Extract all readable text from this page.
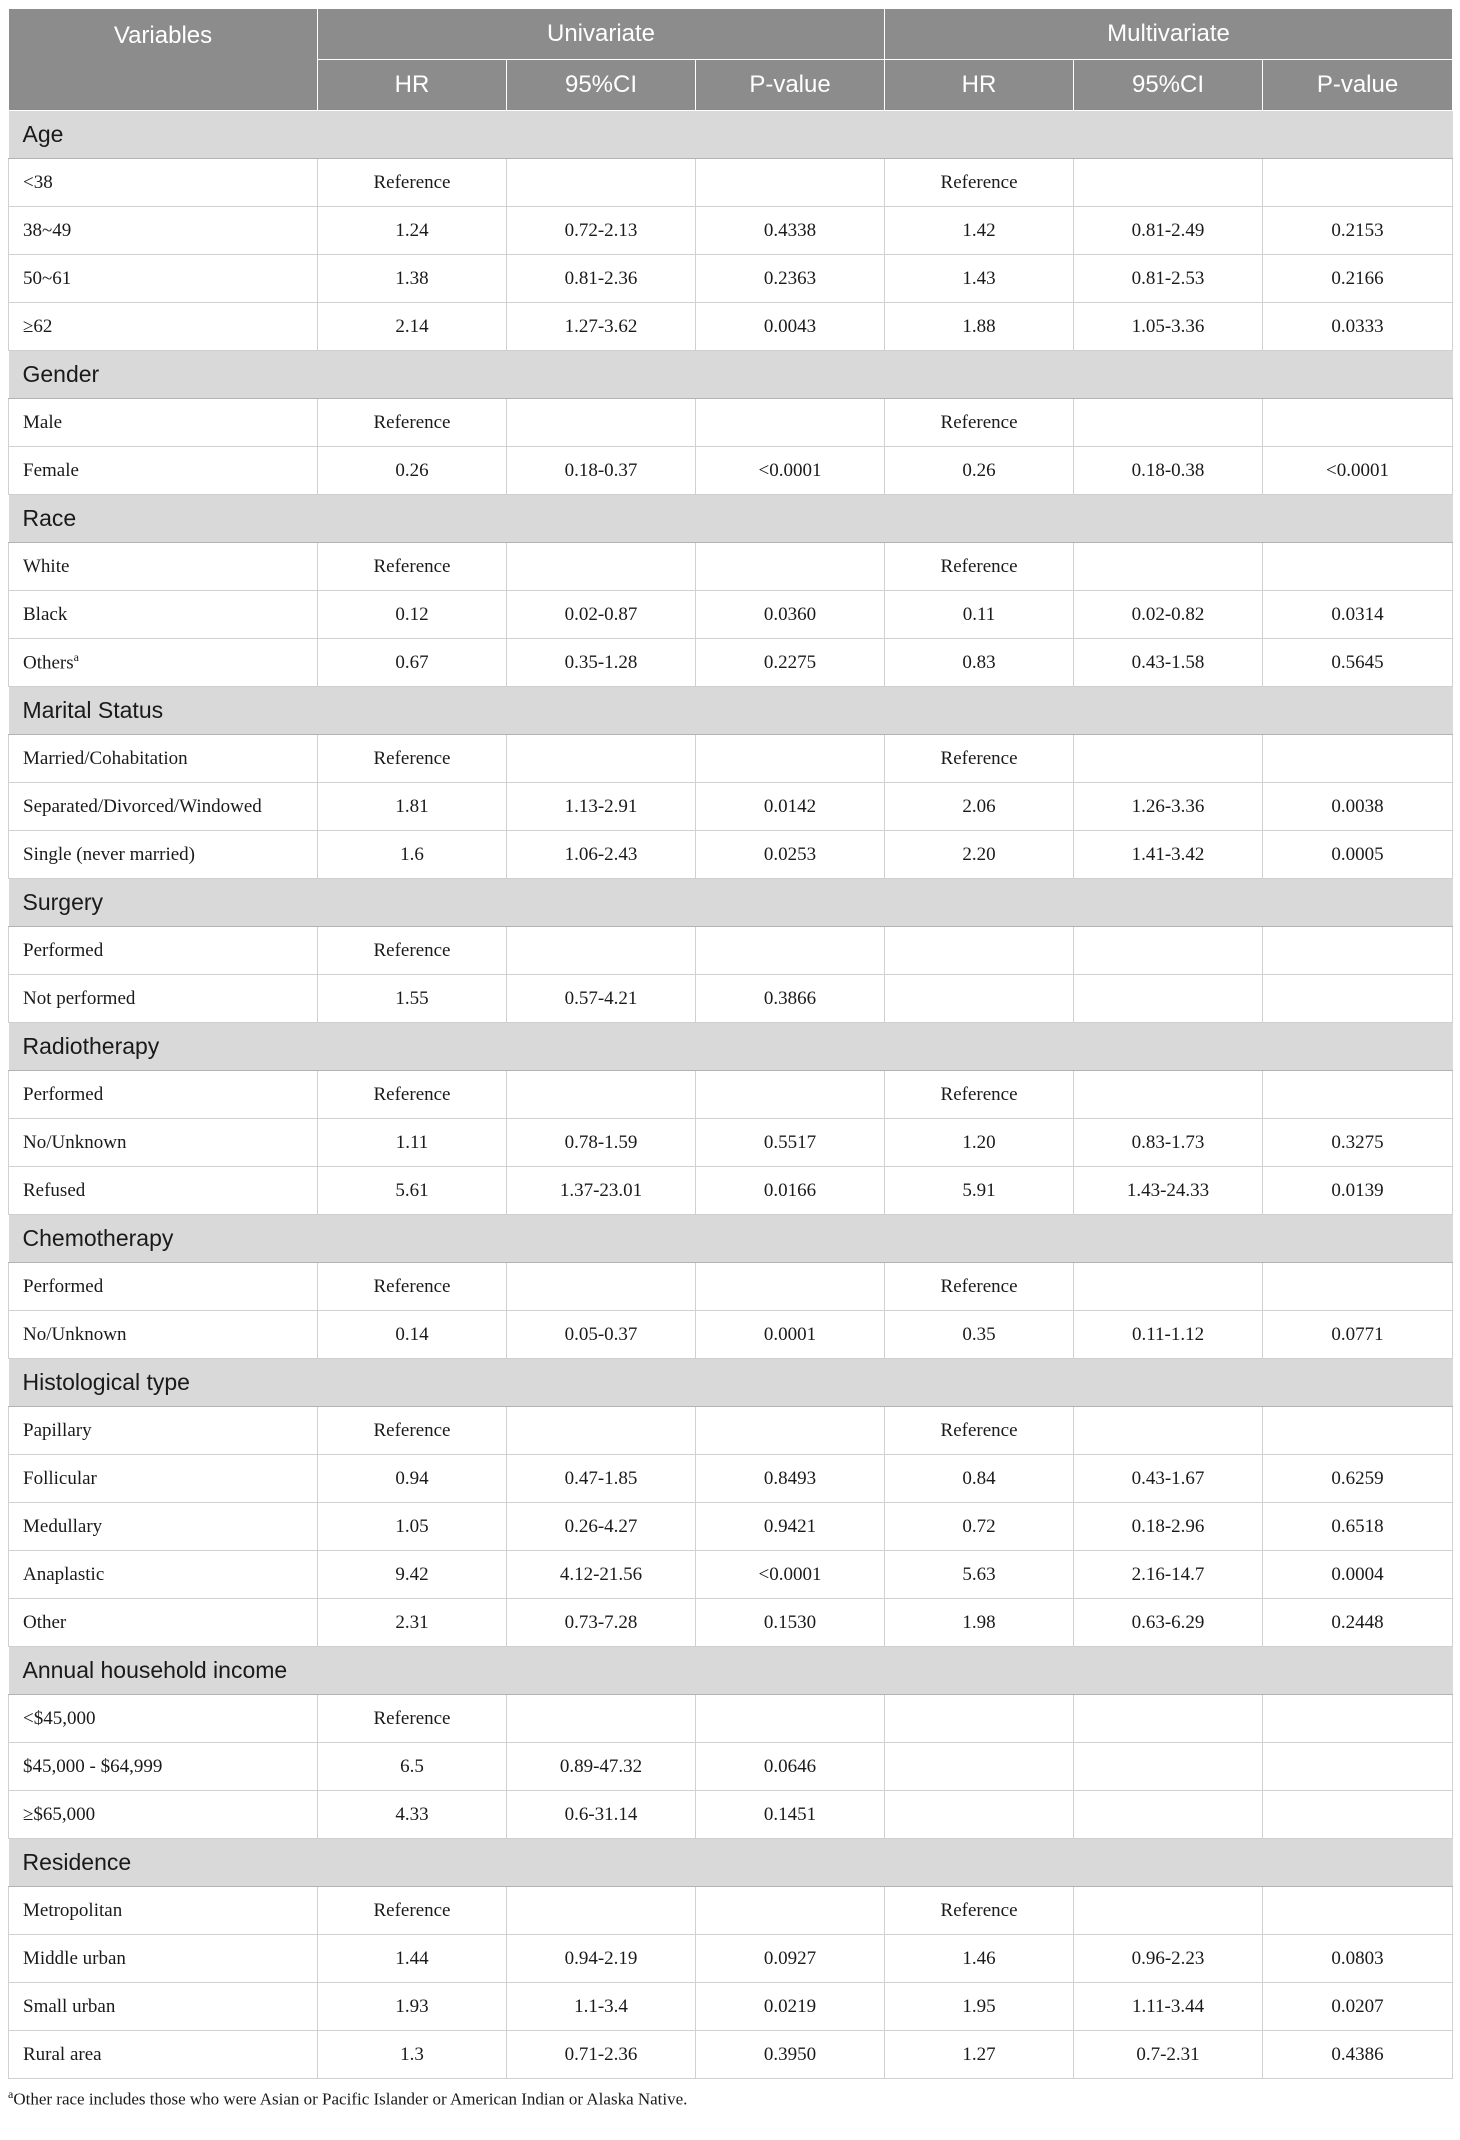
Variables	Univariate			Multivariate		
	HR	95%CI	P-value	HR	95%CI	P-value
Age						
<38	Reference			Reference		
38~49	1.24	0.72-2.13	0.4338	1.42	0.81-2.49	0.2153
50~61	1.38	0.81-2.36	0.2363	1.43	0.81-2.53	0.2166
≥62	2.14	1.27-3.62	0.0043	1.88	1.05-3.36	0.0333
Gender						
Male	Reference			Reference		
Female	0.26	0.18-0.37	<0.0001	0.26	0.18-0.38	<0.0001
Race						
White	Reference			Reference		
Black	0.12	0.02-0.87	0.0360	0.11	0.02-0.82	0.0314
Others$^a$	0.67	0.35-1.28	0.2275	0.83	0.43-1.58	0.5645
Marital Status						
Married/Cohabitation	Reference			Reference		
Separated/Divorced/Windowed	1.81	1.13-2.91	0.0142	2.06	1.26-3.36	0.0038
Single (never married)	1.6	1.06-2.43	0.0253	2.20	1.41-3.42	0.0005
Surgery						
Performed	Reference					
Not performed	1.55	0.57-4.21	0.3866			
Radiotherapy						
Performed	Reference			Reference		
No/Unknown	1.11	0.78-1.59	0.5517	1.20	0.83-1.73	0.3275
Refused	5.61	1.37-23.01	0.0166	5.91	1.43-24.33	0.0139
Chemotherapy						
Performed	Reference			Reference		
No/Unknown	0.14	0.05-0.37	0.0001	0.35	0.11-1.12	0.0771
Histological type						
Papillary	Reference			Reference		
Follicular	0.94	0.47-1.85	0.8493	0.84	0.43-1.67	0.6259
Medullary	1.05	0.26-4.27	0.9421	0.72	0.18-2.96	0.6518
Anaplastic	9.42	4.12-21.56	<0.0001	5.63	2.16-14.7	0.0004
Other	2.31	0.73-7.28	0.1530	1.98	0.63-6.29	0.2448
Annual household income						
<$45,000	Reference					
$45,000 - $64,999	6.5	0.89-47.32	0.0646			
≥$65,000	4.33	0.6-31.14	0.1451			
Residence						
Metropolitan	Reference			Reference		
Middle urban	1.44	0.94-2.19	0.0927	1.46	0.96-2.23	0.0803
Small urban	1.93	1.1-3.4	0.0219	1.95	1.11-3.44	0.0207
Rural area	1.3	0.71-2.36	0.3950	1.27	0.7-2.31	0.4386
$^a$Other race includes those who were Asian or Pacific Islander or American Indian or Alaska Native.
